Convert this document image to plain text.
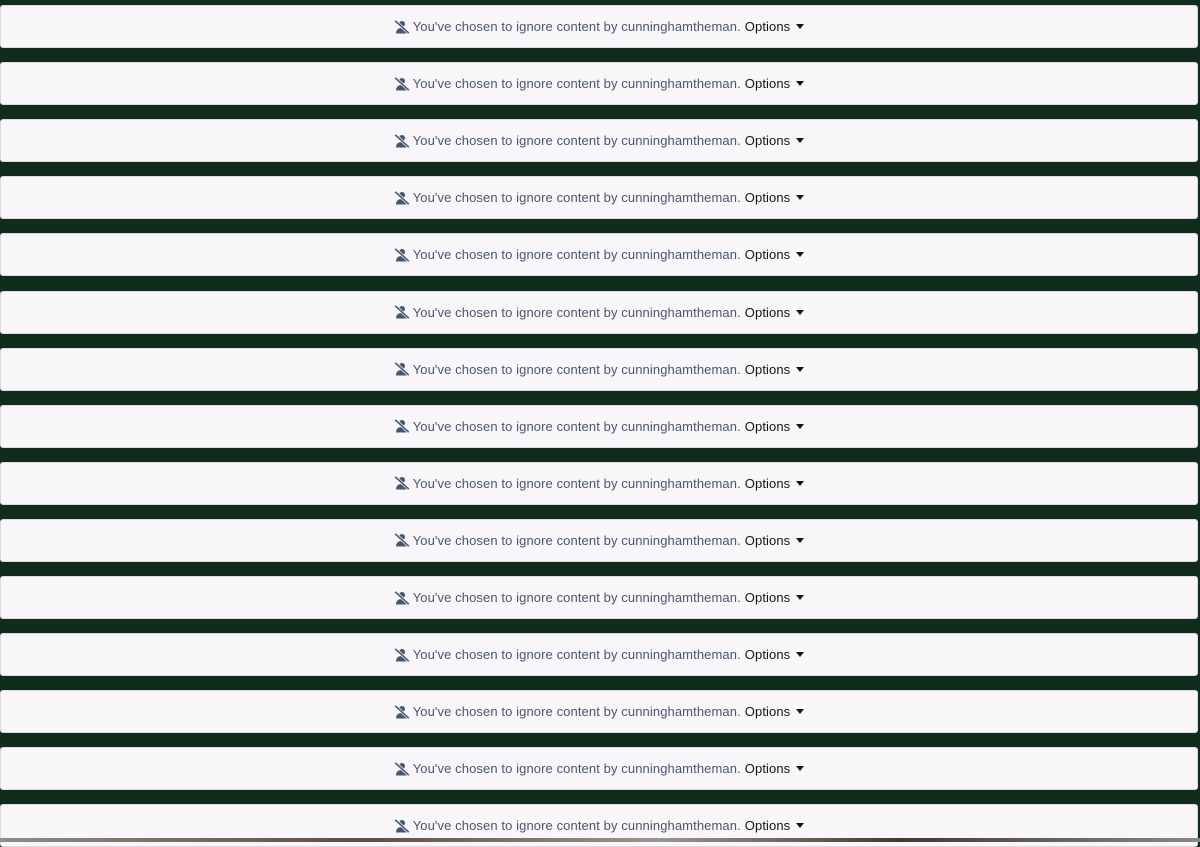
You've chosen to ignore content by cunninghamtheman. Options
You've chosen to ignore content by cunninghamtheman. Options
You've chosen to ignore content by cunninghamtheman. Options
You've chosen to ignore content by cunninghamtheman. Options
You've chosen to ignore content by cunninghamtheman. Options
You've chosen to ignore content by cunninghamtheman. Options
You've chosen to ignore content by cunninghamtheman. Options
You've chosen to ignore content by cunninghamtheman. Options
You've chosen to ignore content by cunninghamtheman. Options
You've chosen to ignore content by cunninghamtheman. Options
You've chosen to ignore content by cunninghamtheman. Options
You've chosen to ignore content by cunninghamtheman. Options
You've chosen to ignore content by cunninghamtheman. Options
You've chosen to ignore content by cunninghamtheman. Options
You've chosen to ignore content by cunninghamtheman. Options
